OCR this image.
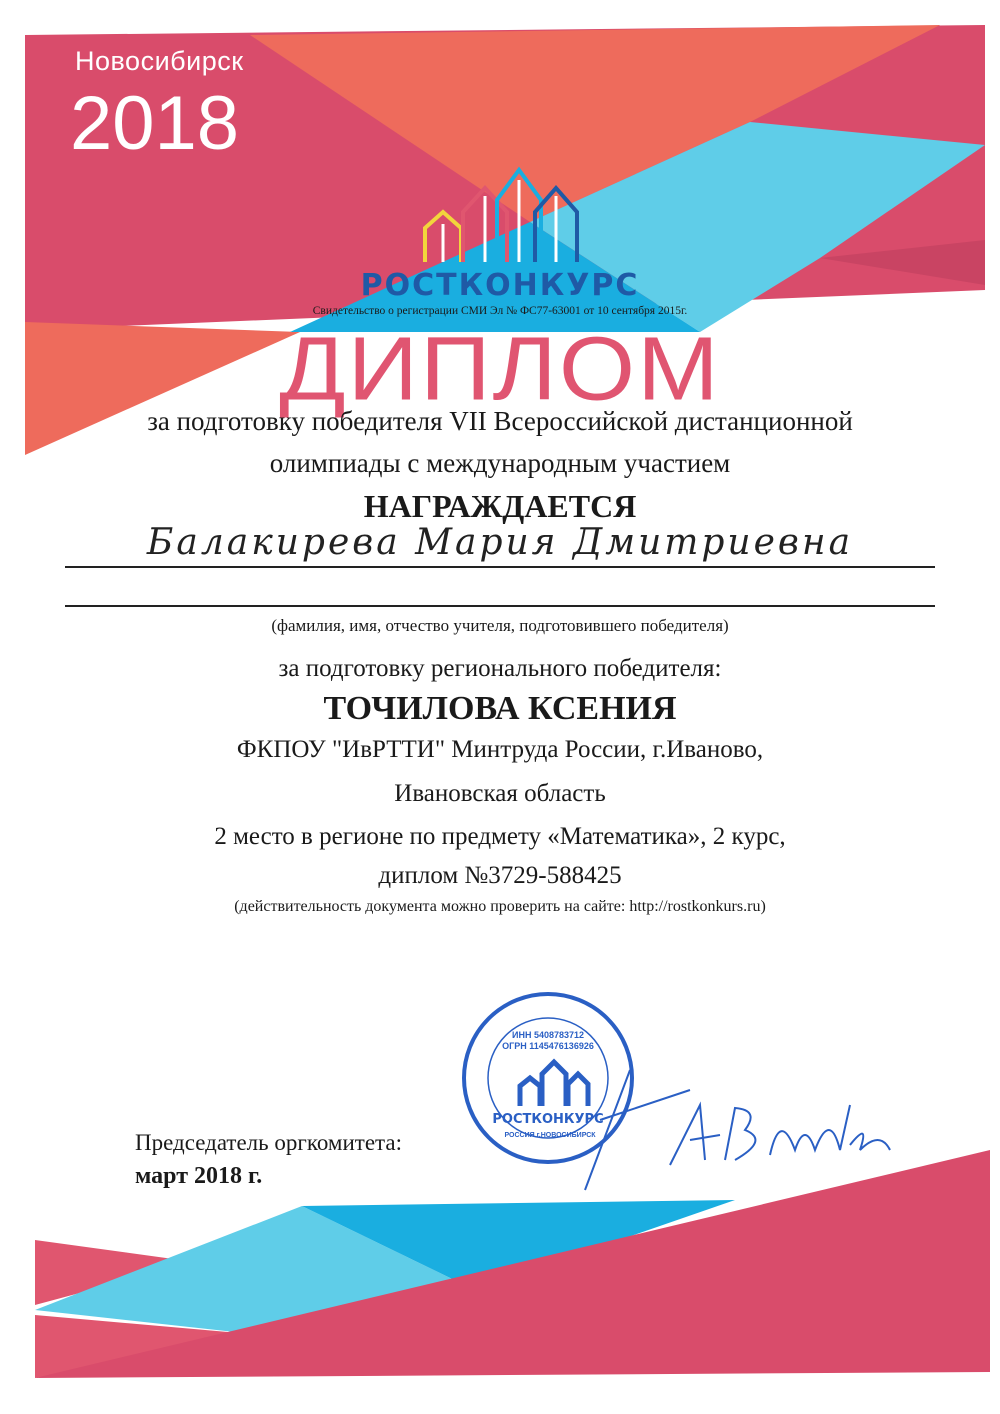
Новосибирск
2018
РОСТКОНКУРС
Свидетельство о регистрации СМИ Эл № ФС77-63001 от 10 сентября 2015г.
ДИПЛОМ
за подготовку победителя VII Всероссийской дистанционной
олимпиады с международным участием
НАГРАЖДАЕТСЯ
Балакирева Мария Дмитриевна
(фамилия, имя, отчество учителя, подготовившего победителя)
за подготовку регионального победителя:
ТОЧИЛОВА КСЕНИЯ
ФКПОУ "ИвРТТИ" Минтруда России, г.Иваново,
Ивановская область
2 место в регионе по предмету «Математика», 2 курс,
диплом №3729-588425
(действительность документа можно проверить на сайте: http://rostkonkurs.ru)
ИНН 5408783712
ОГРН 1145476136926
РОСТКОНКУРС
РОССИЯ г.НОВОСИБИРСК
Председатель оргкомитета:
март 2018 г.
